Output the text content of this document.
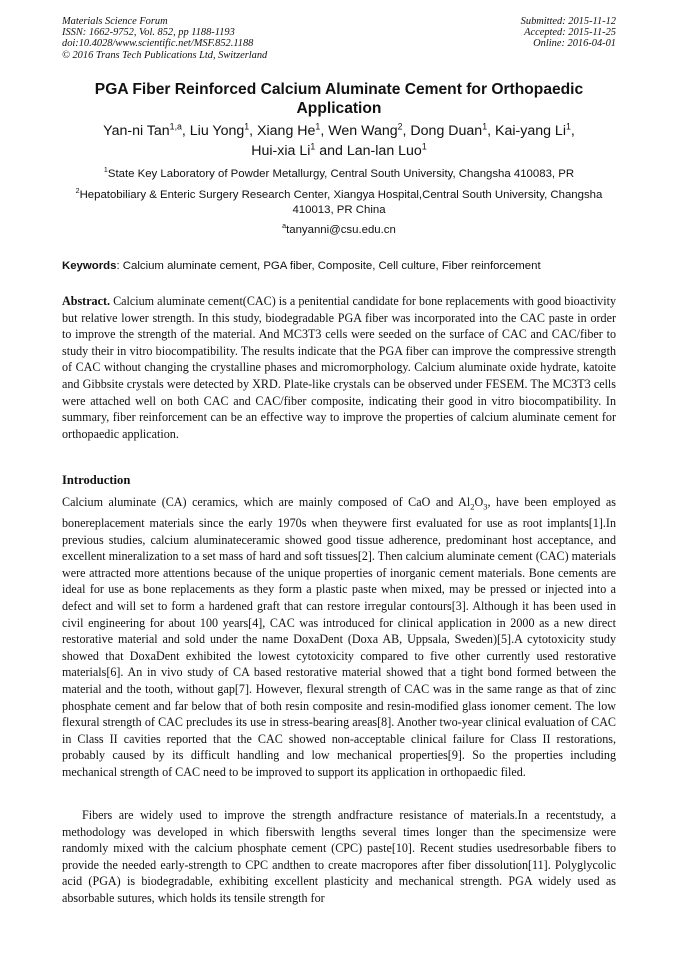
Materials Science Forum
ISSN: 1662-9752, Vol. 852, pp 1188-1193
doi:10.4028/www.scientific.net/MSF.852.1188
© 2016 Trans Tech Publications Ltd, Switzerland
Submitted: 2015-11-12
Accepted: 2015-11-25
Online: 2016-04-01
PGA Fiber Reinforced Calcium Aluminate Cement for Orthopaedic Application
Yan-ni Tan$^{1,a}$, Liu Yong$^1$, Xiang He$^1$, Wen Wang$^2$, Dong Duan$^1$, Kai-yang Li$^1$,
Hui-xia Li$^1$ and Lan-lan Luo$^1$
$^1$State Key Laboratory of Powder Metallurgy, Central South University, Changsha 410083, PR
$^2$Hepatobiliary & Enteric Surgery Research Center, Xiangya Hospital,Central South University, Changsha 410013, PR China
$^a$tanyanni@csu.edu.cn
Keywords: Calcium aluminate cement, PGA fiber, Composite, Cell culture, Fiber reinforcement
Abstract. Calcium aluminate cement(CAC) is a penitential candidate for bone replacements with good bioactivity but relative lower strength. In this study, biodegradable PGA fiber was incorporated into the CAC paste in order to improve the strength of the material. And MC3T3 cells were seeded on the surface of CAC and CAC/fiber to study their in vitro biocompatibility. The results indicate that the PGA fiber can improve the compressive strength of CAC without changing the crystalline phases and micromorphology. Calcium aluminate oxide hydrate, katoite and Gibbsite crystals were detected by XRD. Plate-like crystals can be observed under FESEM. The MC3T3 cells were attached well on both CAC and CAC/fiber composite, indicating their good in vitro biocompatibility. In summary, fiber reinforcement can be an effective way to improve the properties of calcium aluminate cement for orthopaedic application.
Introduction
Calcium aluminate (CA) ceramics, which are mainly composed of CaO and $Al_2O_3$, have been employed as bonereplacement materials since the early 1970s when theywere first evaluated for use as root implants[1].In previous studies, calcium aluminateceramic showed good tissue adherence, predominant host acceptance, and excellent mineralization to a set mass of hard and soft tissues[2]. Then calcium aluminate cement (CAC) materials were attracted more attentions because of the unique properties of inorganic cement materials. Bone cements are ideal for use as bone replacements as they form a plastic paste when mixed, may be pressed or injected into a defect and will set to form a hardened graft that can restore irregular contours[3]. Although it has been used in civil engineering for about 100 years[4], CAC was introduced for clinical application in 2000 as a new direct restorative material and sold under the name DoxaDent (Doxa AB, Uppsala, Sweden)[5].A cytotoxicity study showed that DoxaDent exhibited the lowest cytotoxicity compared to five other currently used restorative materials[6]. An in vivo study of CA based restorative material showed that a tight bond formed between the material and the tooth, without gap[7]. However, flexural strength of CAC was in the same range as that of zinc phosphate cement and far below that of both resin composite and resin-modified glass ionomer cement. The low flexural strength of CAC precludes its use in stress-bearing areas[8]. Another two-year clinical evaluation of CAC in Class II cavities reported that the CAC showed non-acceptable clinical failure for Class II restorations, probably caused by its difficult handling and low mechanical properties[9]. So the properties including mechanical strength of CAC need to be improved to support its application in orthopaedic filed.
Fibers are widely used to improve the strength andfracture resistance of materials.In a recentstudy, a methodology was developed in which fiberswith lengths several times longer than the specimensize were randomly mixed with the calcium phosphate cement (CPC) paste[10]. Recent studies usedresorbable fibers to provide the needed early-strength to CPC andthen to create macropores after fiber dissolution[11]. Polyglycolic acid (PGA) is biodegradable, exhibiting excellent plasticity and mechanical strength. PGA widely used as absorbable sutures, which holds its tensile strength for
